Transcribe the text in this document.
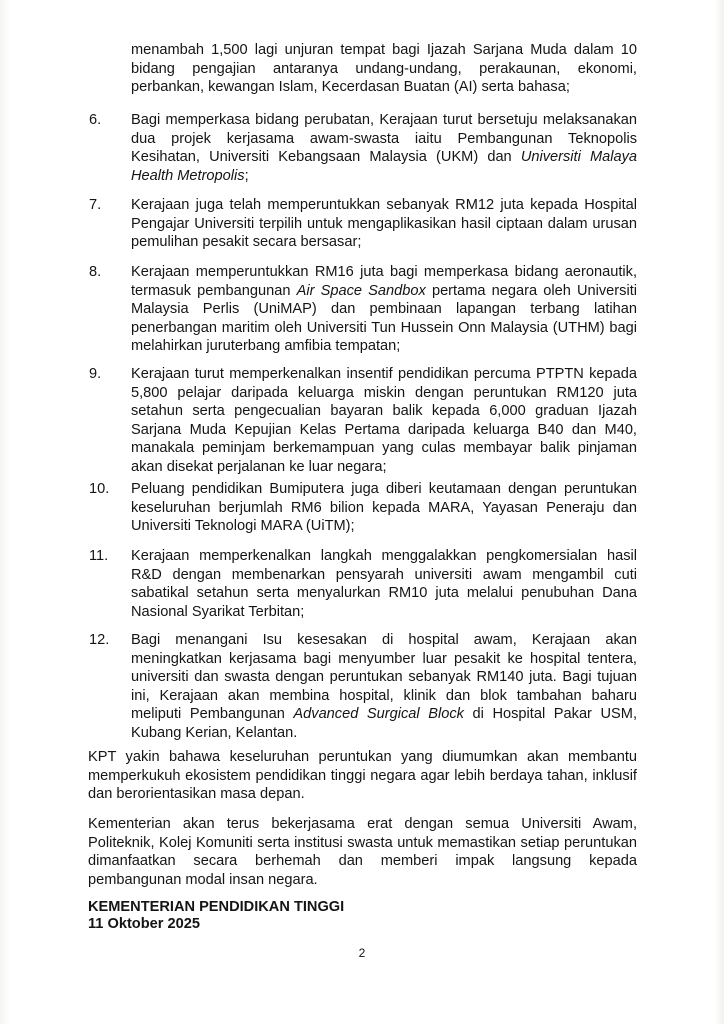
menambah 1,500 lagi unjuran tempat bagi Ijazah Sarjana Muda dalam 10 bidang pengajian antaranya undang-undang, perakaunan, ekonomi, perbankan, kewangan Islam, Kecerdasan Buatan (AI) serta bahasa;
6. Bagi memperkasa bidang perubatan, Kerajaan turut bersetuju melaksanakan dua projek kerjasama awam-swasta iaitu Pembangunan Teknopolis Kesihatan, Universiti Kebangsaan Malaysia (UKM) dan Universiti Malaya Health Metropolis;
7. Kerajaan juga telah memperuntukkan sebanyak RM12 juta kepada Hospital Pengajar Universiti terpilih untuk mengaplikasikan hasil ciptaan dalam urusan pemulihan pesakit secara bersasar;
8. Kerajaan memperuntukkan RM16 juta bagi memperkasa bidang aeronautik, termasuk pembangunan Air Space Sandbox pertama negara oleh Universiti Malaysia Perlis (UniMAP) dan pembinaan lapangan terbang latihan penerbangan maritim oleh Universiti Tun Hussein Onn Malaysia (UTHM) bagi melahirkan juruterbang amfibia tempatan;
9. Kerajaan turut memperkenalkan insentif pendidikan percuma PTPTN kepada 5,800 pelajar daripada keluarga miskin dengan peruntukan RM120 juta setahun serta pengecualian bayaran balik kepada 6,000 graduan Ijazah Sarjana Muda Kepujian Kelas Pertama daripada keluarga B40 dan M40, manakala peminjam berkemampuan yang culas membayar balik pinjaman akan disekat perjalanan ke luar negara;
10. Peluang pendidikan Bumiputera juga diberi keutamaan dengan peruntukan keseluruhan berjumlah RM6 bilion kepada MARA, Yayasan Peneraju dan Universiti Teknologi MARA (UiTM);
11. Kerajaan memperkenalkan langkah menggalakkan pengkomersialan hasil R&D dengan membenarkan pensyarah universiti awam mengambil cuti sabatikal setahun serta menyalurkan RM10 juta melalui penubuhan Dana Nasional Syarikat Terbitan;
12. Bagi menangani Isu kesesakan di hospital awam, Kerajaan akan meningkatkan kerjasama bagi menyumber luar pesakit ke hospital tentera, universiti dan swasta dengan peruntukan sebanyak RM140 juta. Bagi tujuan ini, Kerajaan akan membina hospital, klinik dan blok tambahan baharu meliputi Pembangunan Advanced Surgical Block di Hospital Pakar USM, Kubang Kerian, Kelantan.
KPT yakin bahawa keseluruhan peruntukan yang diumumkan akan membantu memperkukuh ekosistem pendidikan tinggi negara agar lebih berdaya tahan, inklusif dan berorientasikan masa depan.
Kementerian akan terus bekerjasama erat dengan semua Universiti Awam, Politeknik, Kolej Komuniti serta institusi swasta untuk memastikan setiap peruntukan dimanfaatkan secara berhemah dan memberi impak langsung kepada pembangunan modal insan negara.
KEMENTERIAN PENDIDIKAN TINGGI
11 Oktober 2025
2
